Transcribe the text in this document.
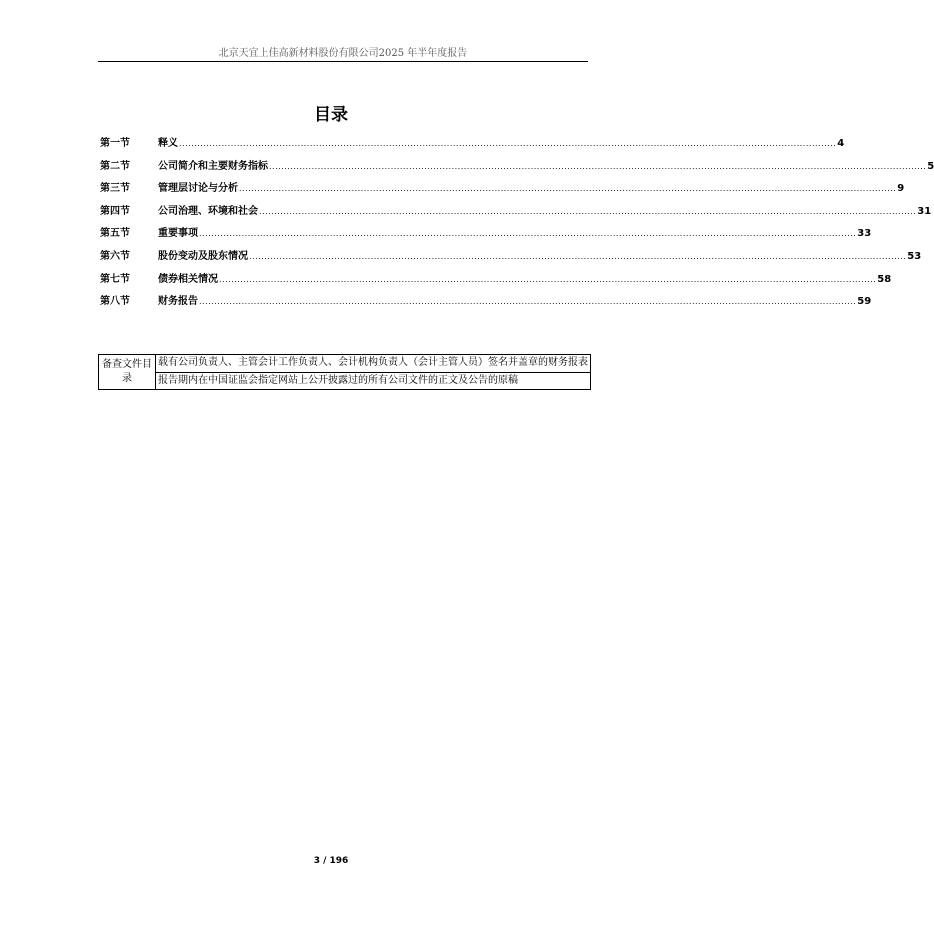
北京天宜上佳高新材料股份有限公司2025 年半年度报告
目录
第一节	释义 ........................................................................................................................................................................................................................ 4
第二节	公司简介和主要财务指标 ........................................................................................................................................................................................................................ 5
第三节	管理层讨论与分析 ........................................................................................................................................................................................................................ 9
第四节	公司治理、环境和社会 ........................................................................................................................................................................................................................ 31
第五节	重要事项 ........................................................................................................................................................................................................................ 33
第六节	股份变动及股东情况 ........................................................................................................................................................................................................................ 53
第七节	债券相关情况 ........................................................................................................................................................................................................................ 58
第八节	财务报告 ........................................................................................................................................................................................................................ 59
备查文件目录	载有公司负责人、主管会计工作负责人、会计机构负责人（会计主管人员）签名并盖章的财务报表
报告期内在中国证监会指定网站上公开披露过的所有公司文件的正文及公告的原稿
3 / 196
